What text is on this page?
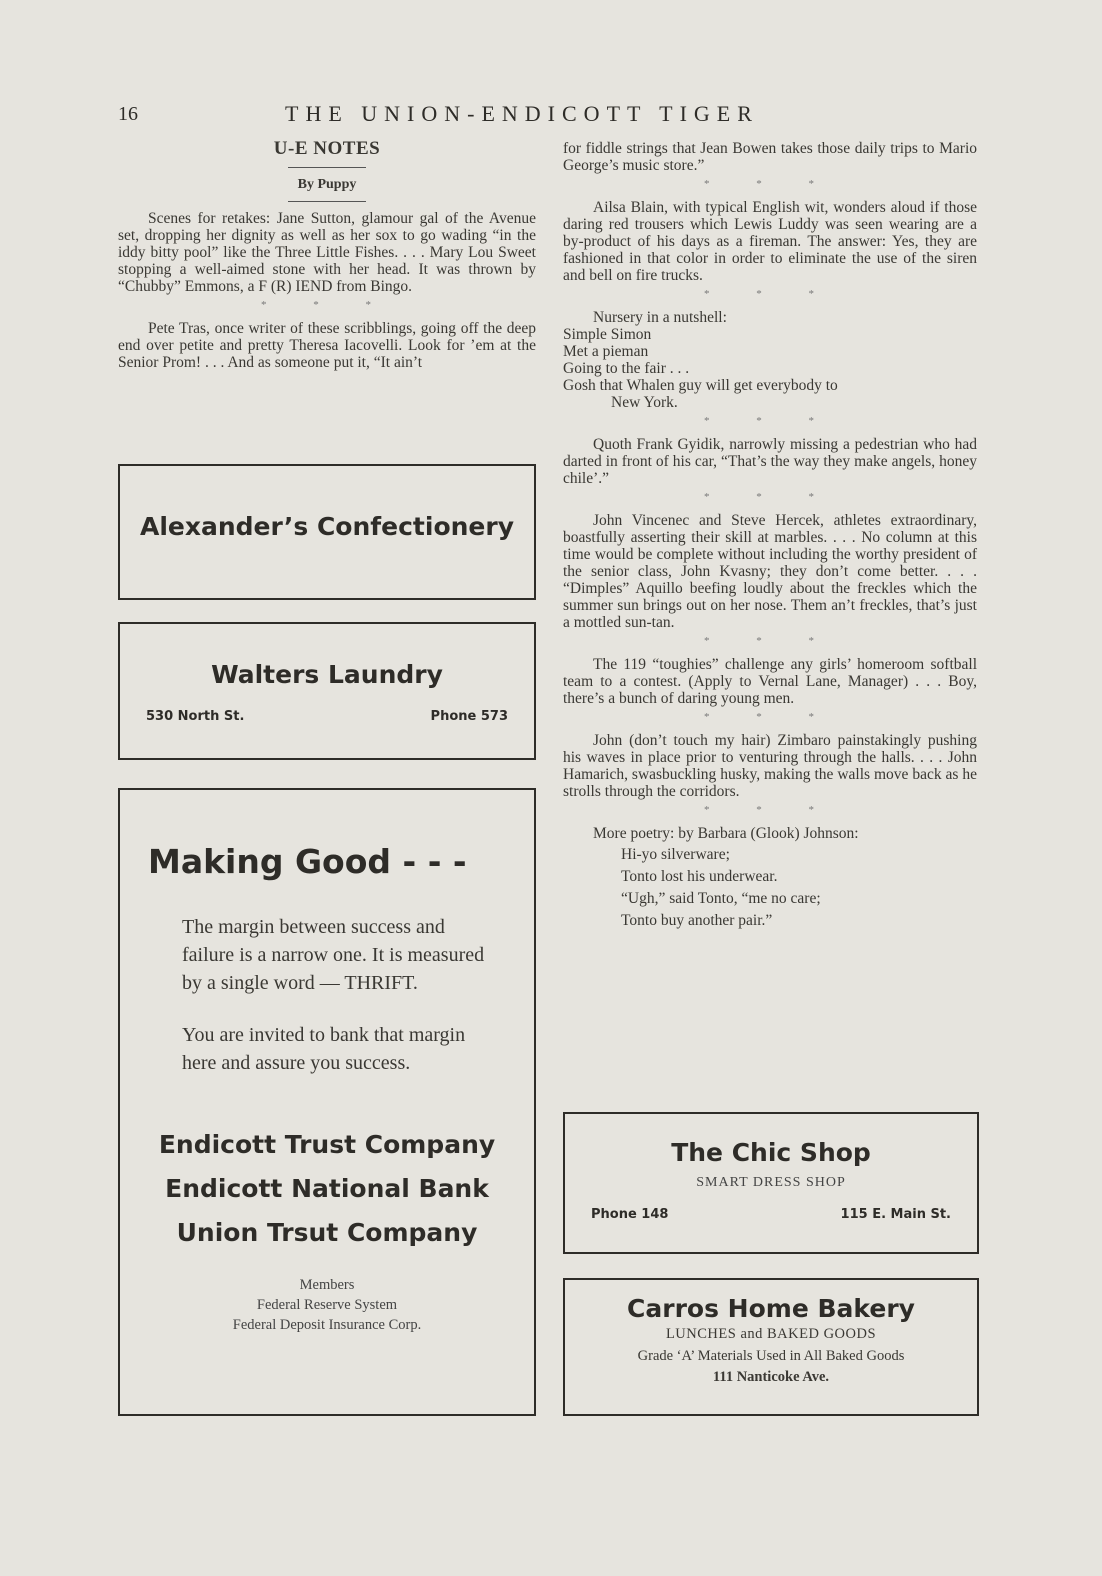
16	THE UNION-ENDICOTT TIGER
U-E NOTES
By Puppy

Scenes for retakes: Jane Sutton, glamour gal of the Avenue set, dropping her dignity as well as her sox to go wading “in the iddy bitty pool” like the Three Little Fishes. . . . Mary Lou Sweet stopping a well-aimed stone with her head. It was thrown by “Chubby” Emmons, a F (R) IEND from Bingo.

* * *

Pete Tras, once writer of these scribblings, going off the deep end over petite and pretty Theresa Iacovelli. Look for ’em at the Senior Prom! . . . And as someone put it, “It ain’t

Alexander’s Confectionery
Walters Laundry
530 North St.	Phone 573
Making Good - - -
The margin between success and failure is a narrow one. It is measured by a single word — THRIFT.
You are invited to bank that margin here and assure you success.
Endicott Trust Company
Endicott National Bank
Union Trsut Company
Members
Federal Reserve System
Federal Deposit Insurance Corp.

for fiddle strings that Jean Bowen takes those daily trips to Mario George’s music store.”

* * *

Ailsa Blain, with typical English wit, wonders aloud if those daring red trousers which Lewis Luddy was seen wearing are a by-product of his days as a fireman. The answer: Yes, they are fashioned in that color in order to eliminate the use of the siren and bell on fire trucks.

* * *
Nursery in a nutshell:
Simple Simon
Met a pieman
Going to the fair . . .
Gosh that Whalen guy will get everybody to
New York.
* * *

Quoth Frank Gyidik, narrowly missing a pedestrian who had darted in front of his car, “That’s the way they make angels, honey chile’.”

* * *

John Vincenec and Steve Hercek, athletes extraordinary, boastfully asserting their skill at marbles. . . . No column at this time would be complete without including the worthy president of the senior class, John Kvasny; they don’t come better. . . . “Dimples” Aquillo beefing loudly about the freckles which the summer sun brings out on her nose. Them an’t freckles, that’s just a mottled sun-tan.

* * *

The 119 “toughies” challenge any girls’ homeroom softball team to a contest. (Apply to Vernal Lane, Manager) . . . Boy, there’s a bunch of daring young men.

* * *

John (don’t touch my hair) Zimbaro painstakingly pushing his waves in place prior to venturing through the halls. . . . John Hamarich, swasbuckling husky, making the walls move back as he strolls through the corridors.

* * *

More poetry: by Barbara (Glook) Johnson:

Hi-yo silverware;
Tonto lost his underwear.
“Ugh,” said Tonto, “me no care;
Tonto buy another pair.”
The Chic Shop
SMART DRESS SHOP
Phone 148	115 E. Main St.
Carros Home Bakery
LUNCHES and BAKED GOODS
Grade ‘A’ Materials Used in All Baked Goods
111 Nanticoke Ave.
